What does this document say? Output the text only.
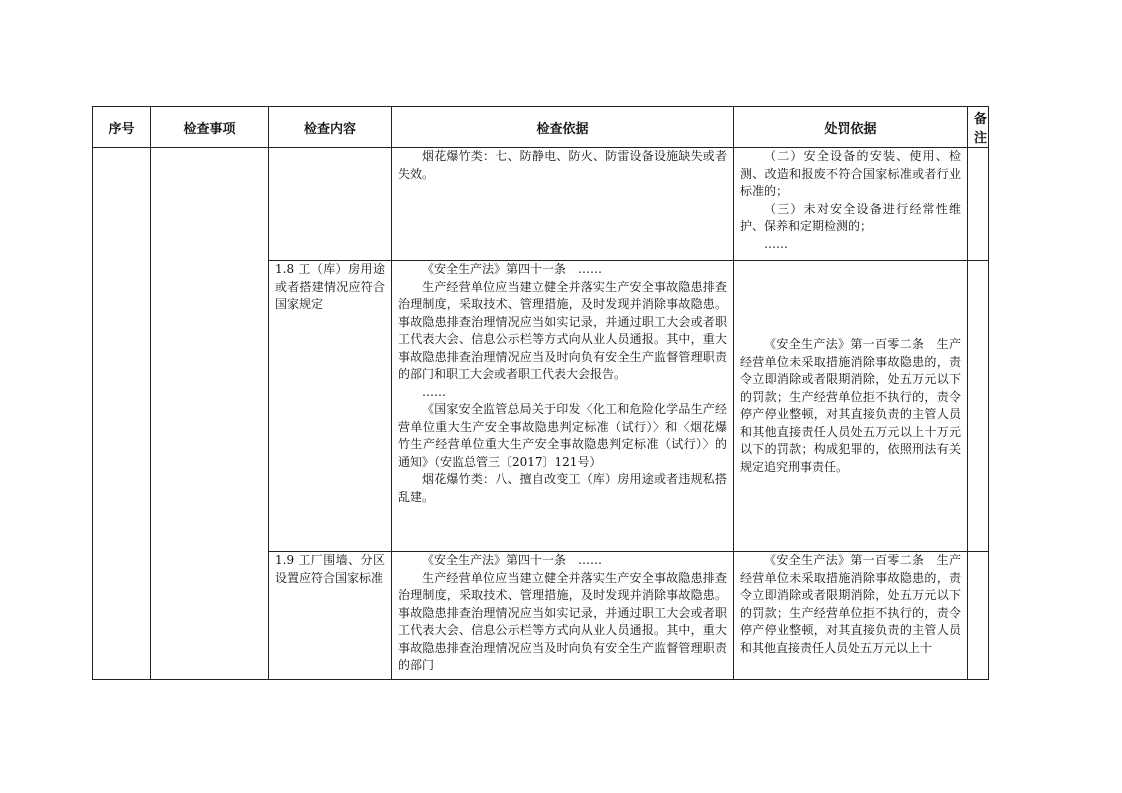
序号	检查事项	检查内容	检查依据	处罚依据	备注

			烟花爆竹类：七、防静电、防火、防雷设备设施缺失或者失效。	（二）安全设备的安装、使用、检测、改造和报废不符合国家标准或者行业标准的；

（三）未对安全设备进行经常性维护、保养和定期检测的；

……	

		1.8 工（库）房用途或者搭建情况应符合国家规定	《安全生产法》第四十一条　……

生产经营单位应当建立健全并落实生产安全事故隐患排查治理制度，采取技术、管理措施，及时发现并消除事故隐患。事故隐患排查治理情况应当如实记录，并通过职工大会或者职工代表大会、信息公示栏等方式向从业人员通报。其中，重大事故隐患排查治理情况应当及时向负有安全生产监督管理职责的部门和职工大会或者职工代表大会报告。

……

《国家安全监管总局关于印发〈化工和危险化学品生产经营单位重大生产安全事故隐患判定标准（试行）〉和〈烟花爆竹生产经营单位重大生产安全事故隐患判定标准（试行）〉的通知》（安监总管三〔2017〕121号）

烟花爆竹类：八、擅自改变工（库）房用途或者违规私搭乱建。	《安全生产法》第一百零二条　生产经营单位未采取措施消除事故隐患的，责令立即消除或者限期消除，处五万元以下的罚款；生产经营单位拒不执行的，责令停产停业整顿，对其直接负责的主管人员和其他直接责任人员处五万元以上十万元以下的罚款；构成犯罪的，依照刑法有关规定追究刑事责任。	

		1.9 工厂围墙、分区设置应符合国家标准	《安全生产法》第四十一条　……

生产经营单位应当建立健全并落实生产安全事故隐患排查治理制度，采取技术、管理措施，及时发现并消除事故隐患。事故隐患排查治理情况应当如实记录，并通过职工大会或者职工代表大会、信息公示栏等方式向从业人员通报。其中，重大事故隐患排查治理情况应当及时向负有安全生产监督管理职责的部门	《安全生产法》第一百零二条　生产经营单位未采取措施消除事故隐患的，责令立即消除或者限期消除，处五万元以下的罚款；生产经营单位拒不执行的，责令停产停业整顿，对其直接负责的主管人员和其他直接责任人员处五万元以上十	
